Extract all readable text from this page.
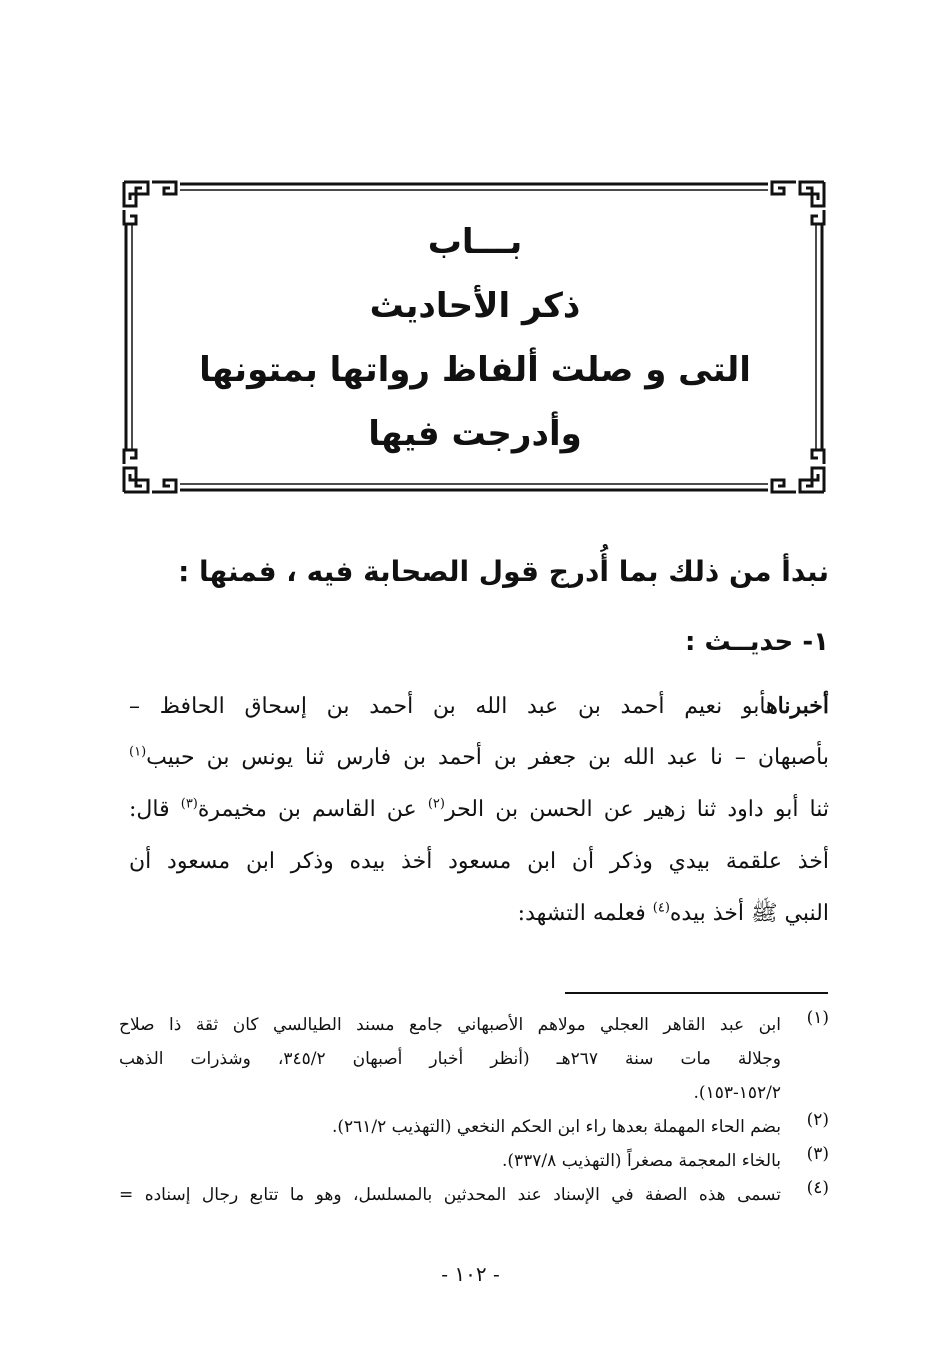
بـــاب
ذكر الأحاديث
التى و صلت ألفاظ رواتها بمتونها
وأدرجت فيها
نبدأ من ذلك بما أُدرج قول الصحابة فيه ، فمنها :
١- حديــث :
أخبرناهأبو نعيم أحمد بن عبد الله بن أحمد بن إسحاق الحافظ –
بأصبهان – نا عبد الله بن جعفر بن أحمد بن فارس ثنا يونس بن حبيب$^{(١)}$
ثنا أبو داود ثنا زهير عن الحسن بن الحر$^{(٢)}$ عن القاسم بن مخيمرة$^{(٣)}$ قال:
أخذ علقمة بيدي وذكر أن ابن مسعود أخذ بيده وذكر ابن مسعود أن
النبي ﷺ أخذ بيده$^{(٤)}$ فعلمه التشهد:
(١)
ابن عبد القاهر العجلي مولاهم الأصبهاني جامع مسند الطيالسي كان ثقة ذا صلاح
وجلالة مات سنة ٢٦٧هـ (أنظر أخبار أصبهان ٣٤٥/٢، وشذرات الذهب
١٥٢/٢-١٥٣).
(٢)
بضم الحاء المهملة بعدها راء ابن الحكم النخعي (التهذيب ٢٦١/٢).
(٣)
بالخاء المعجمة مصغراً (التهذيب ٣٣٧/٨).
(٤)
تسمى هذه الصفة في الإسناد عند المحدثين بالمسلسل، وهو ما تتابع رجال إسناده =
- ١٠٢ -
